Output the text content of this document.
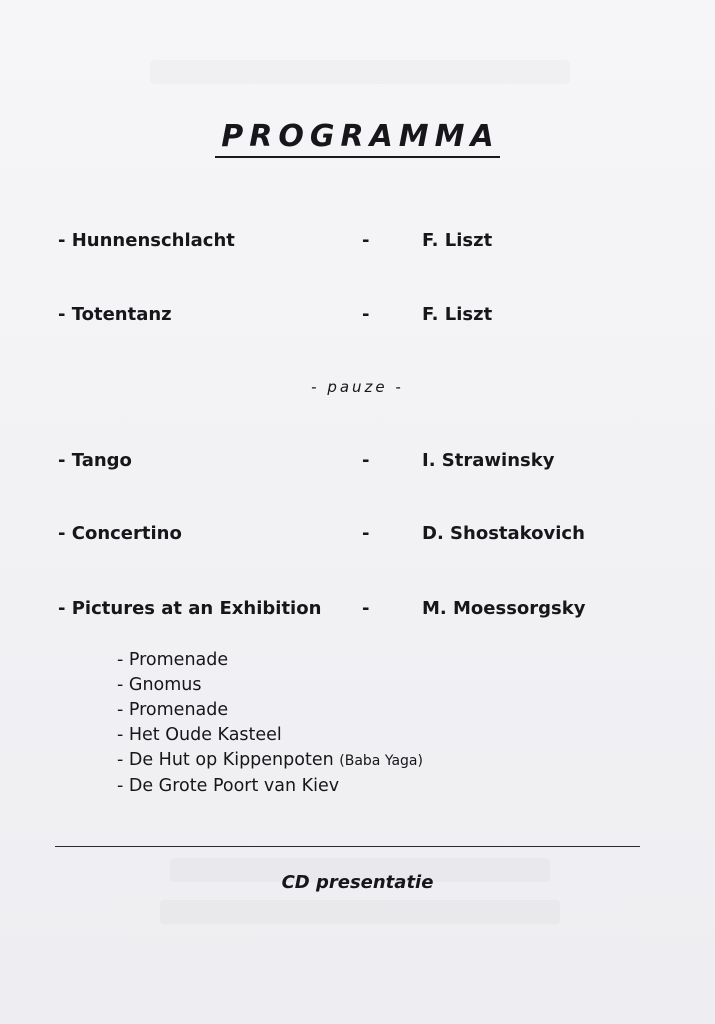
PROGRAMMA
- Hunnenschlacht	-	F. Liszt
- Totentanz	-	F. Liszt
- pauze -
- Tango	-	I. Strawinsky
- Concertino	-	D. Shostakovich
- Pictures at an Exhibition -	M. Moessorgsky
- Promenade
- Gnomus
- Promenade
- Het Oude Kasteel
- De Hut op Kippenpoten (Baba Yaga)
- De Grote Poort van Kiev
CD presentatie
